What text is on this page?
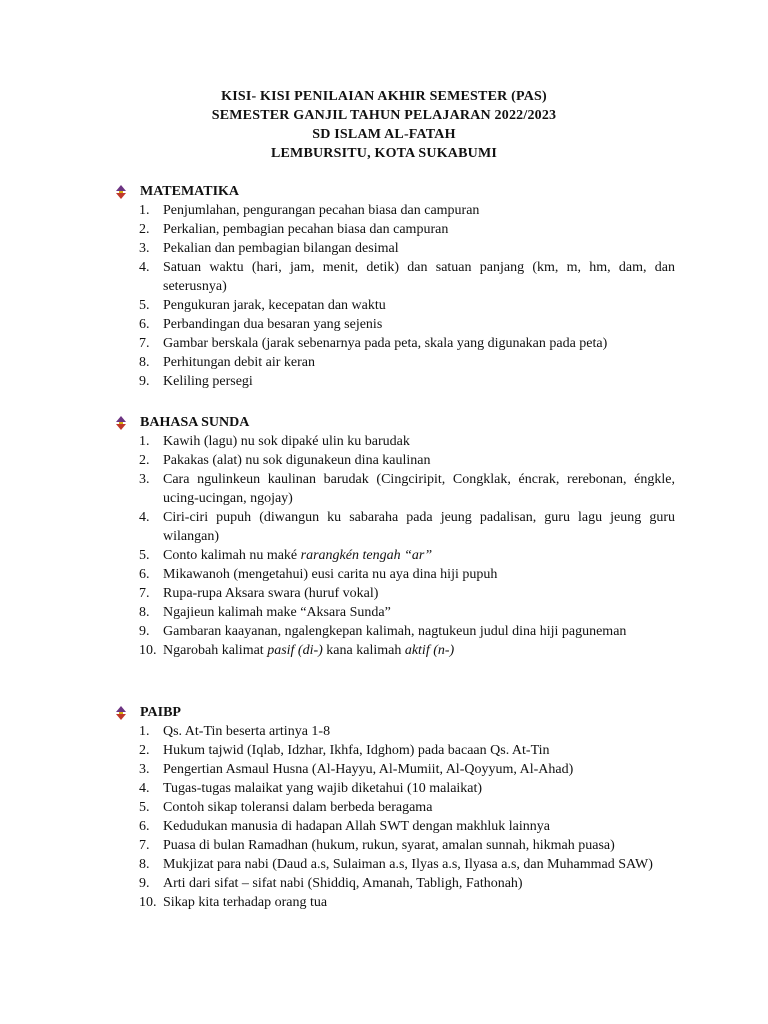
KISI- KISI PENILAIAN AKHIR SEMESTER (PAS)
SEMESTER GANJIL TAHUN PELAJARAN 2022/2023
SD ISLAM AL-FATAH
LEMBURSITU, KOTA SUKABUMI
MATEMATIKA
1. Penjumlahan, pengurangan pecahan biasa dan campuran
2. Perkalian, pembagian pecahan biasa dan campuran
3. Pekalian dan pembagian bilangan desimal
4. Satuan waktu (hari, jam, menit, detik) dan satuan panjang (km, m, hm, dam, dan seterusnya)
5. Pengukuran jarak, kecepatan dan waktu
6. Perbandingan dua besaran yang sejenis
7. Gambar berskala (jarak sebenarnya pada peta, skala yang digunakan pada peta)
8. Perhitungan debit air keran
9. Keliling persegi
BAHASA SUNDA
1. Kawih (lagu) nu sok dipaké ulin ku barudak
2. Pakakas (alat) nu sok digunakeun dina kaulinan
3. Cara ngulinkeun kaulinan barudak (Cingciripit, Congklak, éncrak, rerebonan, éngkle, ucing-ucingan, ngojay)
4. Ciri-ciri pupuh (diwangun ku sabaraha pada jeung padalisan, guru lagu jeung guru wilangan)
5. Conto kalimah nu maké rarangkén tengah “ar”
6. Mikawanoh (mengetahui) eusi carita nu aya dina hiji pupuh
7. Rupa-rupa Aksara swara (huruf vokal)
8. Ngajieun kalimah make “Aksara Sunda”
9. Gambaran kaayanan, ngalengkepan kalimah, nagtukeun judul dina hiji paguneman
10. Ngarobah kalimat pasif (di-) kana kalimah aktif (n-)
PAIBP
1. Qs. At-Tin beserta artinya 1-8
2. Hukum tajwid (Iqlab, Idzhar, Ikhfa, Idghom) pada bacaan Qs. At-Tin
3. Pengertian Asmaul Husna (Al-Hayyu, Al-Mumiit, Al-Qoyyum, Al-Ahad)
4. Tugas-tugas malaikat yang wajib diketahui (10 malaikat)
5. Contoh sikap toleransi dalam berbeda beragama
6. Kedudukan manusia di hadapan Allah SWT dengan makhluk lainnya
7. Puasa di bulan Ramadhan (hukum, rukun, syarat, amalan sunnah, hikmah puasa)
8. Mukjizat para nabi (Daud a.s, Sulaiman a.s, Ilyas a.s, Ilyasa a.s, dan Muhammad SAW)
9. Arti dari sifat – sifat nabi (Shiddiq, Amanah, Tabligh, Fathonah)
10. Sikap kita terhadap orang tua
